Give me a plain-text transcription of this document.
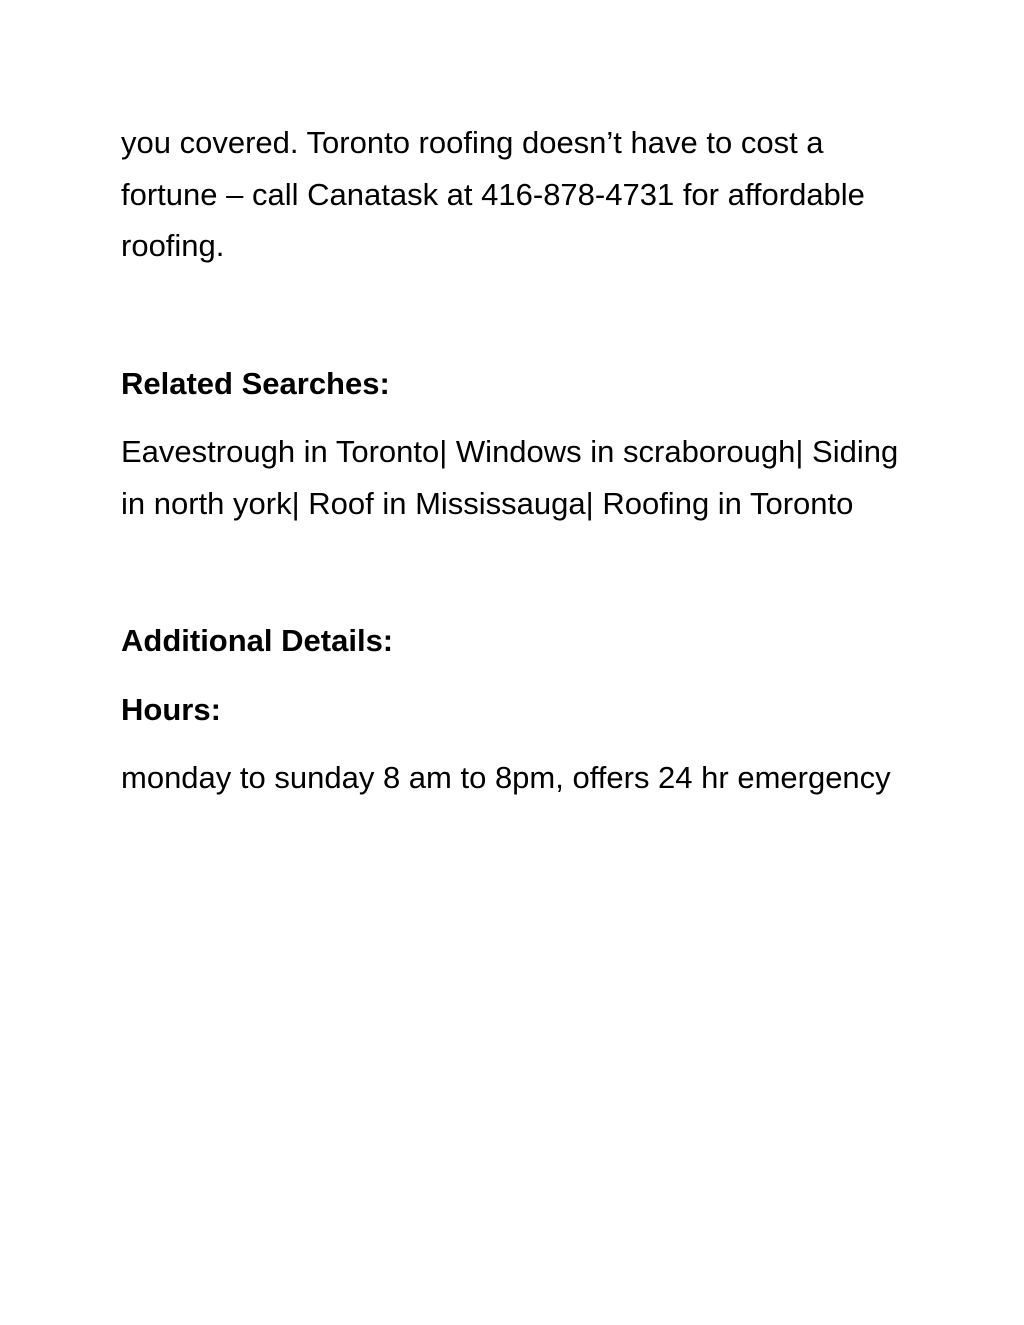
you covered. Toronto roofing doesn’t have to cost a fortune – call Canatask at 416-878-4731 for affordable roofing.

Related Searches:

Eavestrough in Toronto| Windows in scraborough| Siding in north york| Roof in Mississauga| Roofing in Toronto

Additional Details:

Hours:

monday to sunday 8 am to 8pm, offers 24 hr emergency
